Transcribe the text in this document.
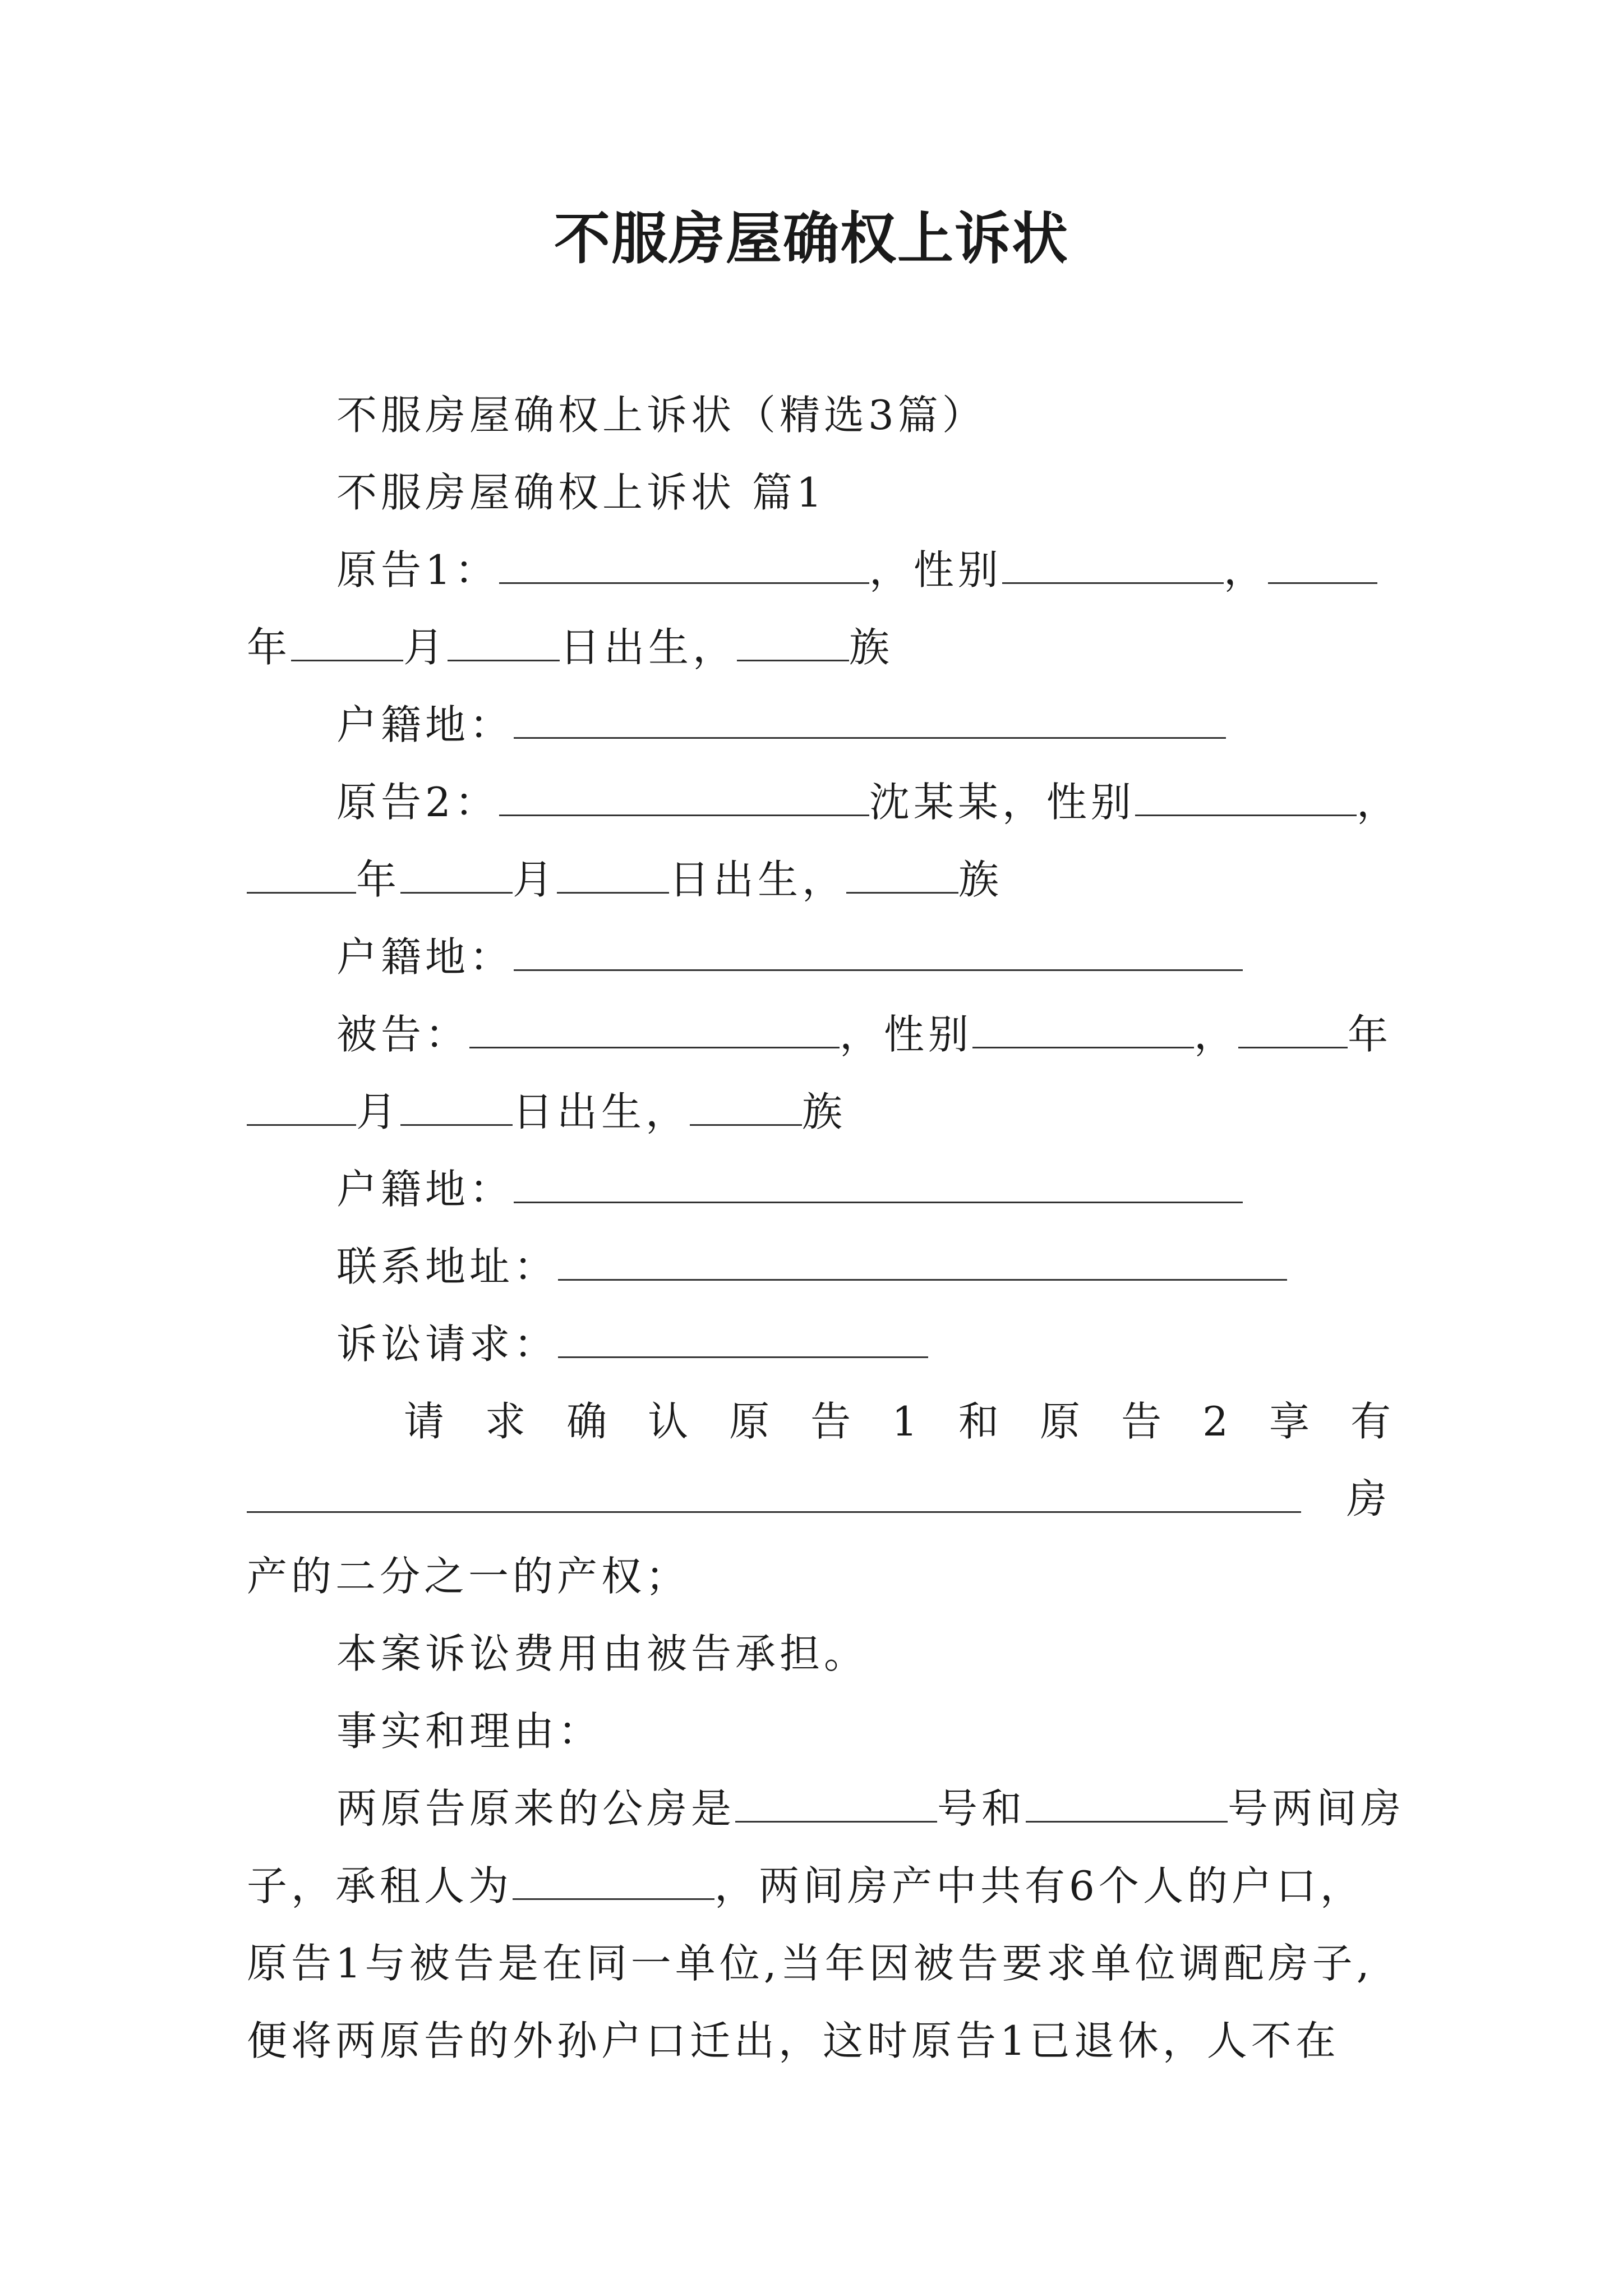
不服房屋确权上诉状
不服房屋确权上诉状（精选3篇）
不服房屋确权上诉状 篇1
原告1：	，性别	，
年	月	日出生，	族
户籍地：
原告2：	沈某某，性别	，
年	月	日出生，	族
户籍地：
被告：	，性别	，	年
月	日出生，	族
户籍地：
联系地址：
诉讼请求：
请 求 确 认 原 告 1 和 原 告 2 享 有
房
产的二分之一的产权；
本案诉讼费用由被告承担。
事实和理由：
两原告原来的公房是	号和	号两间房
子，承租人为	，两间房产中共有6个人的户口，
原告1与被告是在同一单位,当年因被告要求单位调配房子,
便将两原告的外孙户口迁出，这时原告1已退休，人不在
